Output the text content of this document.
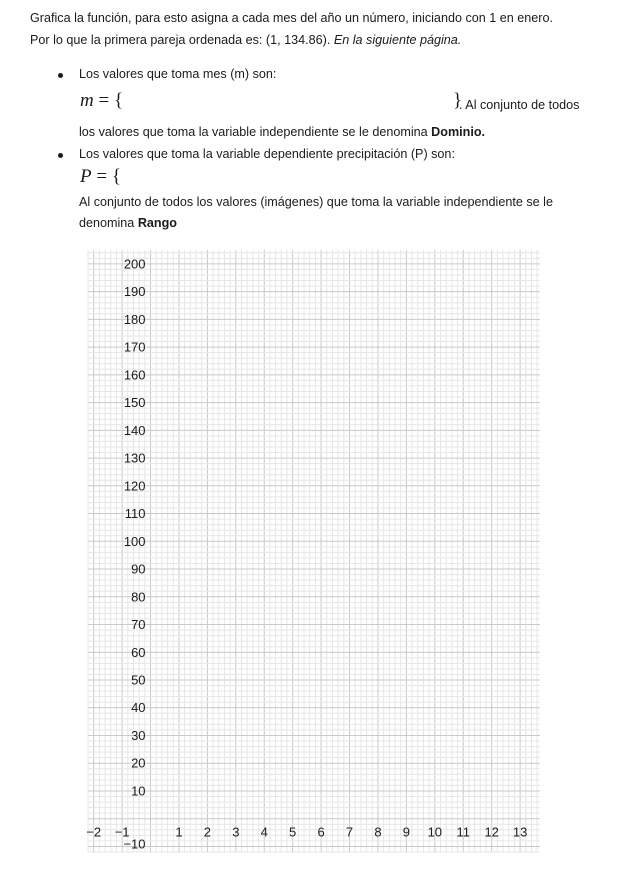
Grafica la función, para esto asigna a cada mes del año un número, iniciando con 1 en enero.
Por lo que la primera pareja ordenada es: (1, 134.86). En la siguiente página.
Los valores que toma mes (m) son:
m = {	}
. Al conjunto de todos
los valores que toma la variable independiente se le denomina Dominio.
Los valores que toma la variable dependiente precipitación (P) son:
P = {
Al conjunto de todos los valores (imágenes) que toma la variable independiente se le
denomina Rango
10
20
30
40
50
60
70
80
90
100
110
120
130
140
150
160
170
180
190
200
−2 −1	1 2 3 4 5 6 7 8 9 10 11 12 13
−10
